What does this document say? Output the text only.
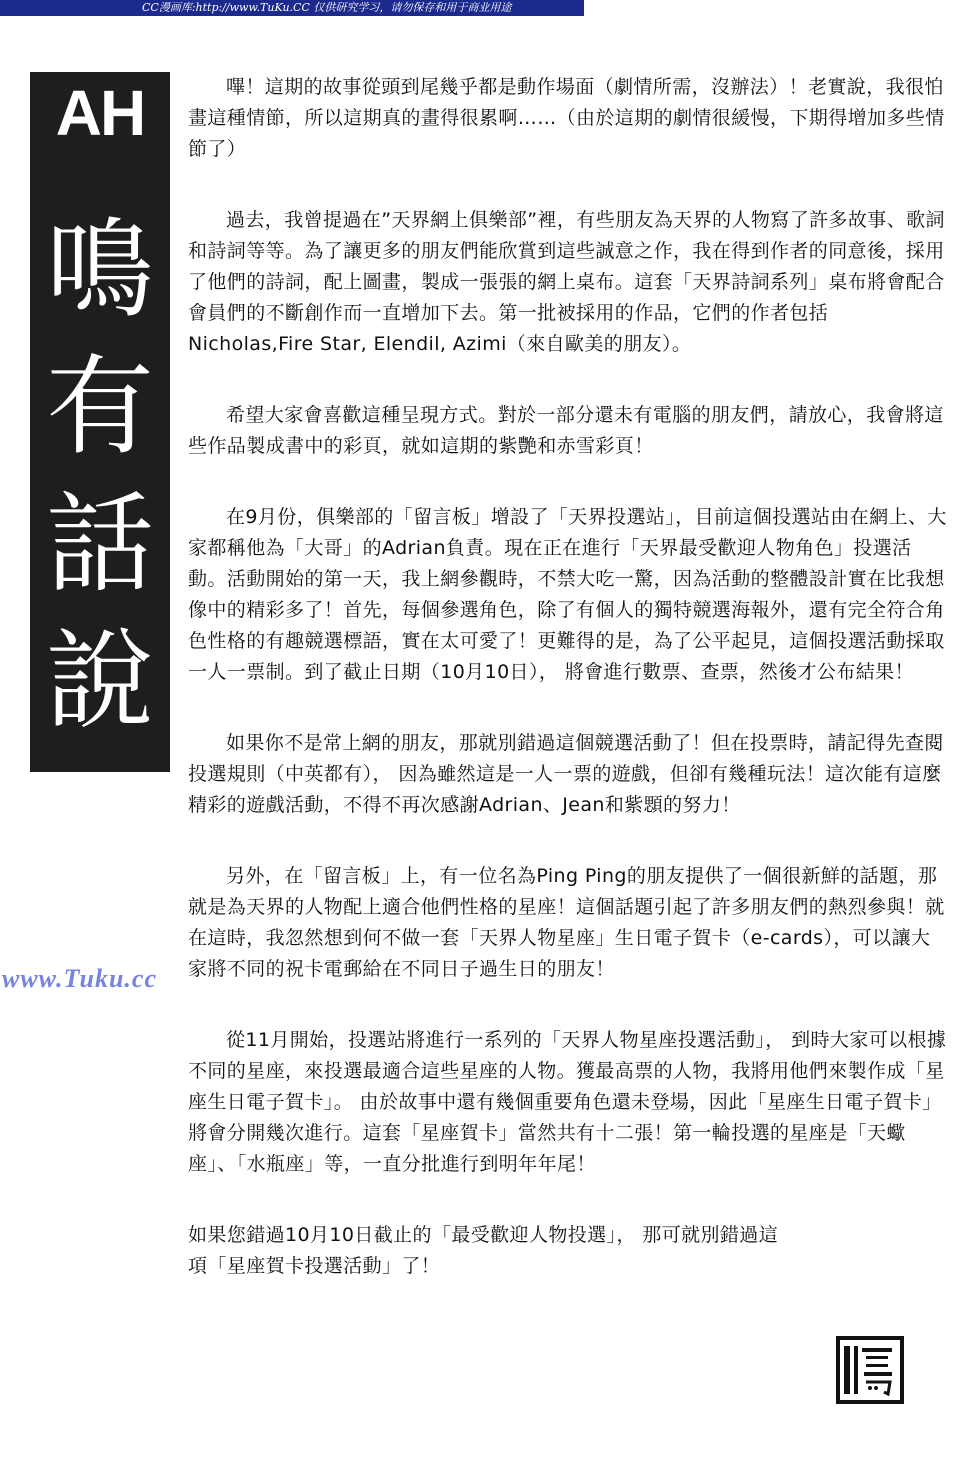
CC漫画库:http://www.TuKu.CC 仅供研究学习，请勿保存和用于商业用途
AH
鳴有話說
www.Tuku.cc

嗶！這期的故事從頭到尾幾乎都是動作場面（劇情所需，沒辦法）！老實說，我很怕畫這種情節，所以這期真的畫得很累啊……（由於這期的劇情很緩慢，下期得增加多些情節了）

過去，我曾提過在”天界網上俱樂部”裡，有些朋友為天界的人物寫了許多故事、歌詞和詩詞等等。為了讓更多的朋友們能欣賞到這些誠意之作，我在得到作者的同意後，採用了他們的詩詞，配上圖畫，製成一張張的網上桌布。這套「天界詩詞系列」桌布將會配合會員們的不斷創作而一直增加下去。第一批被採用的作品，它們的作者包括Nicholas,Fire Star, Elendil, Azimi（來自歐美的朋友）。

希望大家會喜歡這種呈現方式。對於一部分還未有電腦的朋友們，請放心，我會將這些作品製成書中的彩頁，就如這期的紫艷和赤雪彩頁！

在9月份，俱樂部的「留言板」增設了「天界投選站」，目前這個投選站由在網上、大家都稱他為「大哥」的Adrian負責。現在正在進行「天界最受歡迎人物角色」投選活動。活動開始的第一天，我上網參觀時，不禁大吃一驚，因為活動的整體設計實在比我想像中的精彩多了！首先，每個參選角色，除了有個人的獨特競選海報外，還有完全符合角色性格的有趣競選標語，實在太可愛了！更難得的是，為了公平起見，這個投選活動採取一人一票制。到了截止日期（10月10日）， 將會進行數票、查票，然後才公布結果！

如果你不是常上網的朋友，那就別錯過這個競選活動了！但在投票時，請記得先查閱投選規則（中英都有）， 因為雖然這是一人一票的遊戲，但卻有幾種玩法！這次能有這麼精彩的遊戲活動，不得不再次感謝Adrian、Jean和紫顋的努力！

另外，在「留言板」上，有一位名為Ping Ping的朋友提供了一個很新鮮的話題，那就是為天界的人物配上適合他們性格的星座！這個話題引起了許多朋友們的熱烈參與！就在這時，我忽然想到何不做一套「天界人物星座」生日電子賀卡（e-cards），可以讓大家將不同的祝卡電郵給在不同日子過生日的朋友！

從11月開始，投選站將進行一系列的「天界人物星座投選活動」， 到時大家可以根據不同的星座，來投選最適合這些星座的人物。獲最高票的人物，我將用他們來製作成「星座生日電子賀卡」。 由於故事中還有幾個重要角色還未登場，因此「星座生日電子賀卡」將會分開幾次進行。這套「星座賀卡」當然共有十二張！第一輪投選的星座是「天蠍座」、「水瓶座」等，一直分批進行到明年年尾！

如果您錯過10月10日截止的「最受歡迎人物投選」， 那可就別錯過這項「星座賀卡投選活動」了！
